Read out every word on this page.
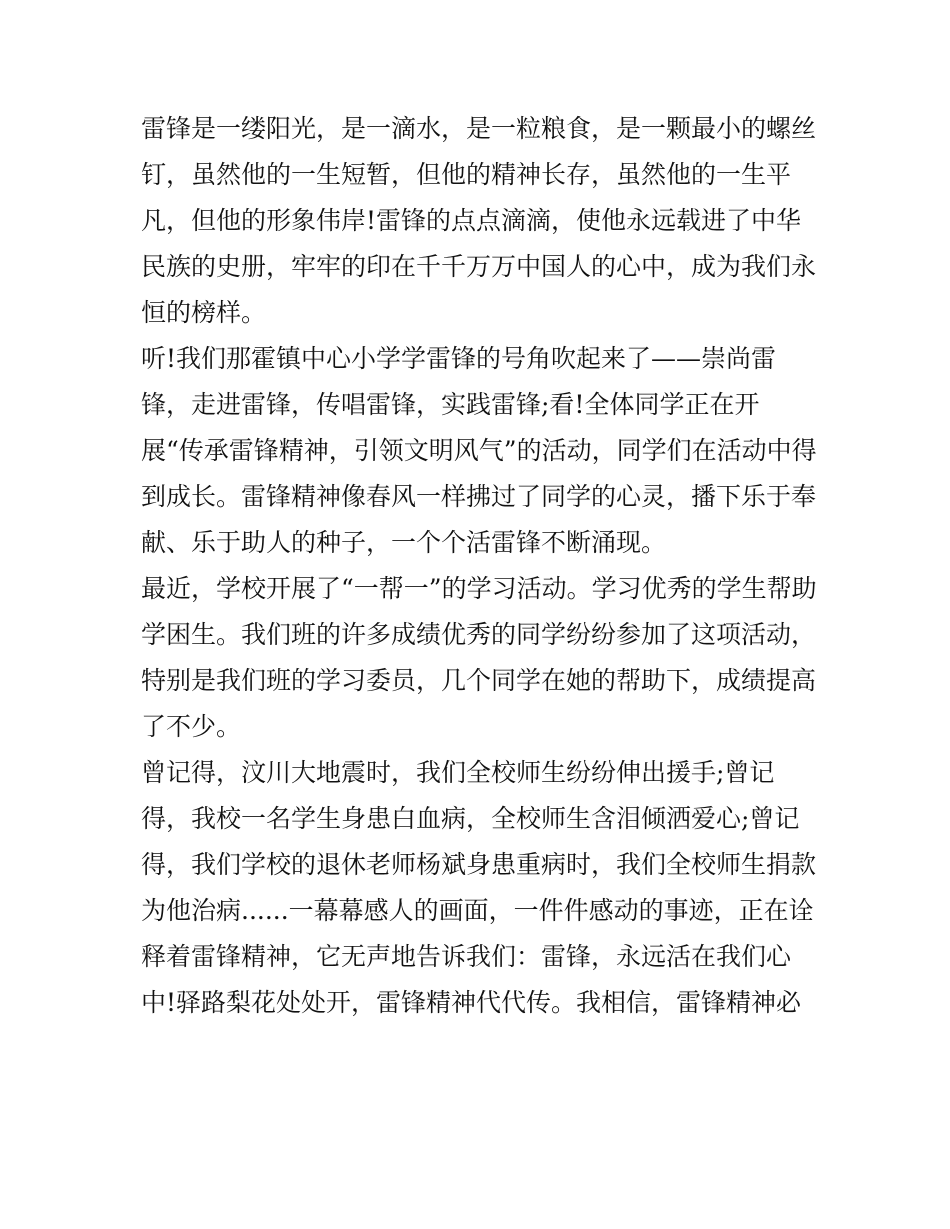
雷锋是一缕阳光，是一滴水，是一粒粮食，是一颗最小的螺丝
钉，虽然他的一生短暂，但他的精神长存，虽然他的一生平
凡，但他的形象伟岸!雷锋的点点滴滴，使他永远载进了中华
民族的史册，牢牢的印在千千万万中国人的心中，成为我们永
恒的榜样。
听!我们那霍镇中心小学学雷锋的号角吹起来了——崇尚雷
锋，走进雷锋，传唱雷锋，实践雷锋;看!全体同学正在开
展“传承雷锋精神，引领文明风气”的活动，同学们在活动中得
到成长。雷锋精神像春风一样拂过了同学的心灵，播下乐于奉
献、乐于助人的种子，一个个活雷锋不断涌现。
最近，学校开展了“一帮一”的学习活动。学习优秀的学生帮助
学困生。我们班的许多成绩优秀的同学纷纷参加了这项活动，
特别是我们班的学习委员，几个同学在她的帮助下，成绩提高
了不少。
曾记得，汶川大地震时，我们全校师生纷纷伸出援手;曾记
得，我校一名学生身患白血病，全校师生含泪倾洒爱心;曾记
得，我们学校的退休老师杨斌身患重病时，我们全校师生捐款
为他治病......一幕幕感人的画面，一件件感动的事迹，正在诠
释着雷锋精神，它无声地告诉我们：雷锋，永远活在我们心
中!驿路梨花处处开，雷锋精神代代传。我相信，雷锋精神必
